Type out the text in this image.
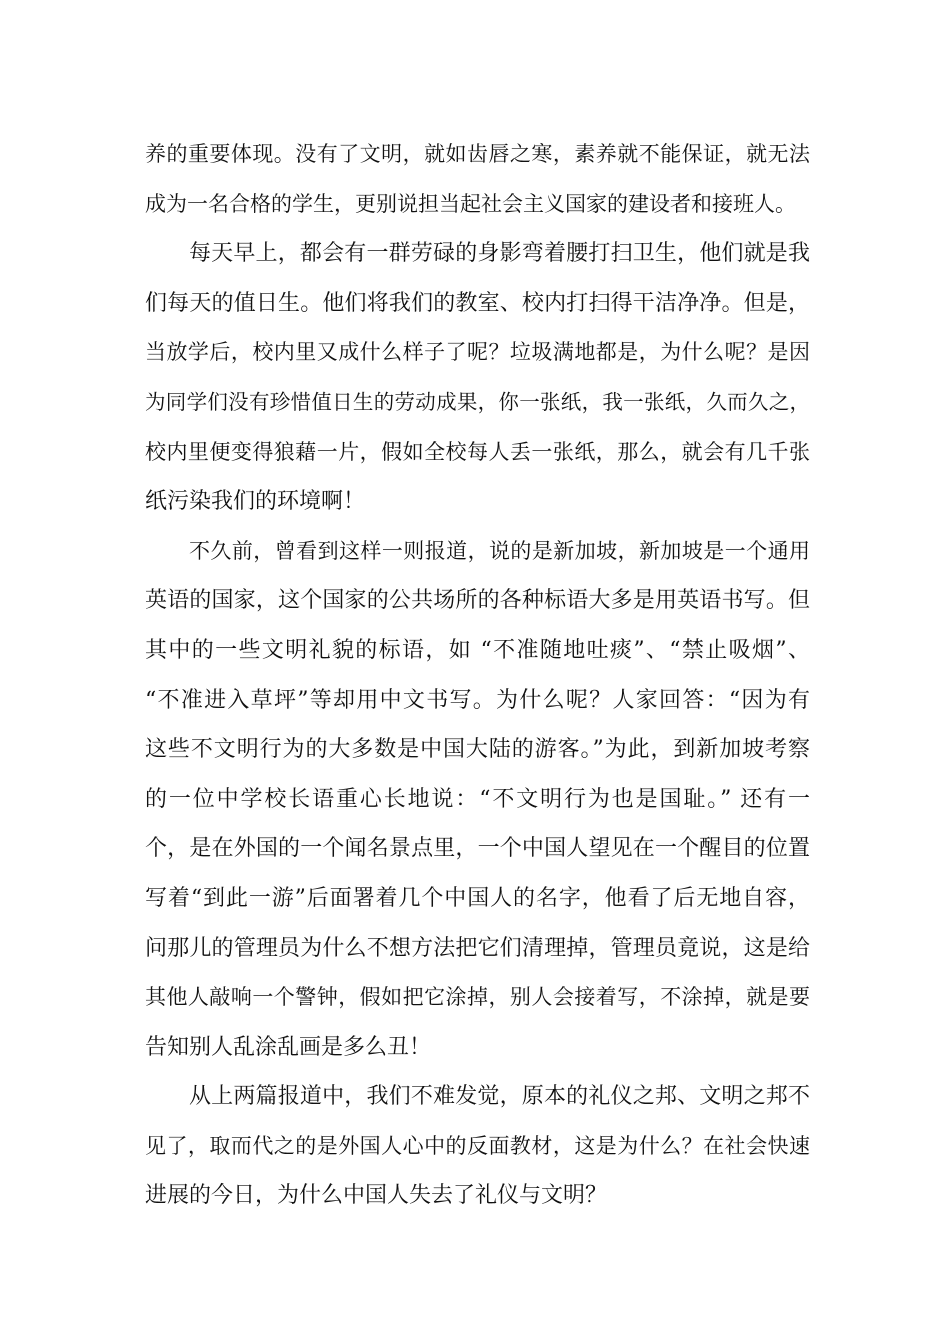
养的重要体现。没有了文明，就如齿唇之寒，素养就不能保证，就无法
成为一名合格的学生，更别说担当起社会主义国家的建设者和接班人。
每天早上，都会有一群劳碌的身影弯着腰打扫卫生，他们就是我
们每天的值日生。他们将我们的教室、校内打扫得干洁净净。但是，
当放学后，校内里又成什么样子了呢？垃圾满地都是，为什么呢？是因
为同学们没有珍惜值日生的劳动成果，你一张纸，我一张纸，久而久之，
校内里便变得狼藉一片，假如全校每人丢一张纸，那么，就会有几千张
纸污染我们的环境啊！
不久前，曾看到这样一则报道，说的是新加坡，新加坡是一个通用
英语的国家，这个国家的公共场所的各种标语大多是用英语书写。但
其中的一些文明礼貌的标语，如 “不准随地吐痰”、“禁止吸烟”、
“不准进入草坪”等却用中文书写。为什么呢？人家回答：“因为有
这些不文明行为的大多数是中国大陆的游客。”为此，到新加坡考察
的一位中学校长语重心长地说：“不文明行为也是国耻。” 还有一
个，是在外国的一个闻名景点里，一个中国人望见在一个醒目的位置
写着“到此一游”后面署着几个中国人的名字，他看了后无地自容，
问那儿的管理员为什么不想方法把它们清理掉，管理员竟说，这是给
其他人敲响一个警钟，假如把它涂掉，别人会接着写，不涂掉，就是要
告知别人乱涂乱画是多么丑！
从上两篇报道中，我们不难发觉，原本的礼仪之邦、文明之邦不
见了，取而代之的是外国人心中的反面教材，这是为什么？在社会快速
进展的今日，为什么中国人失去了礼仪与文明？
